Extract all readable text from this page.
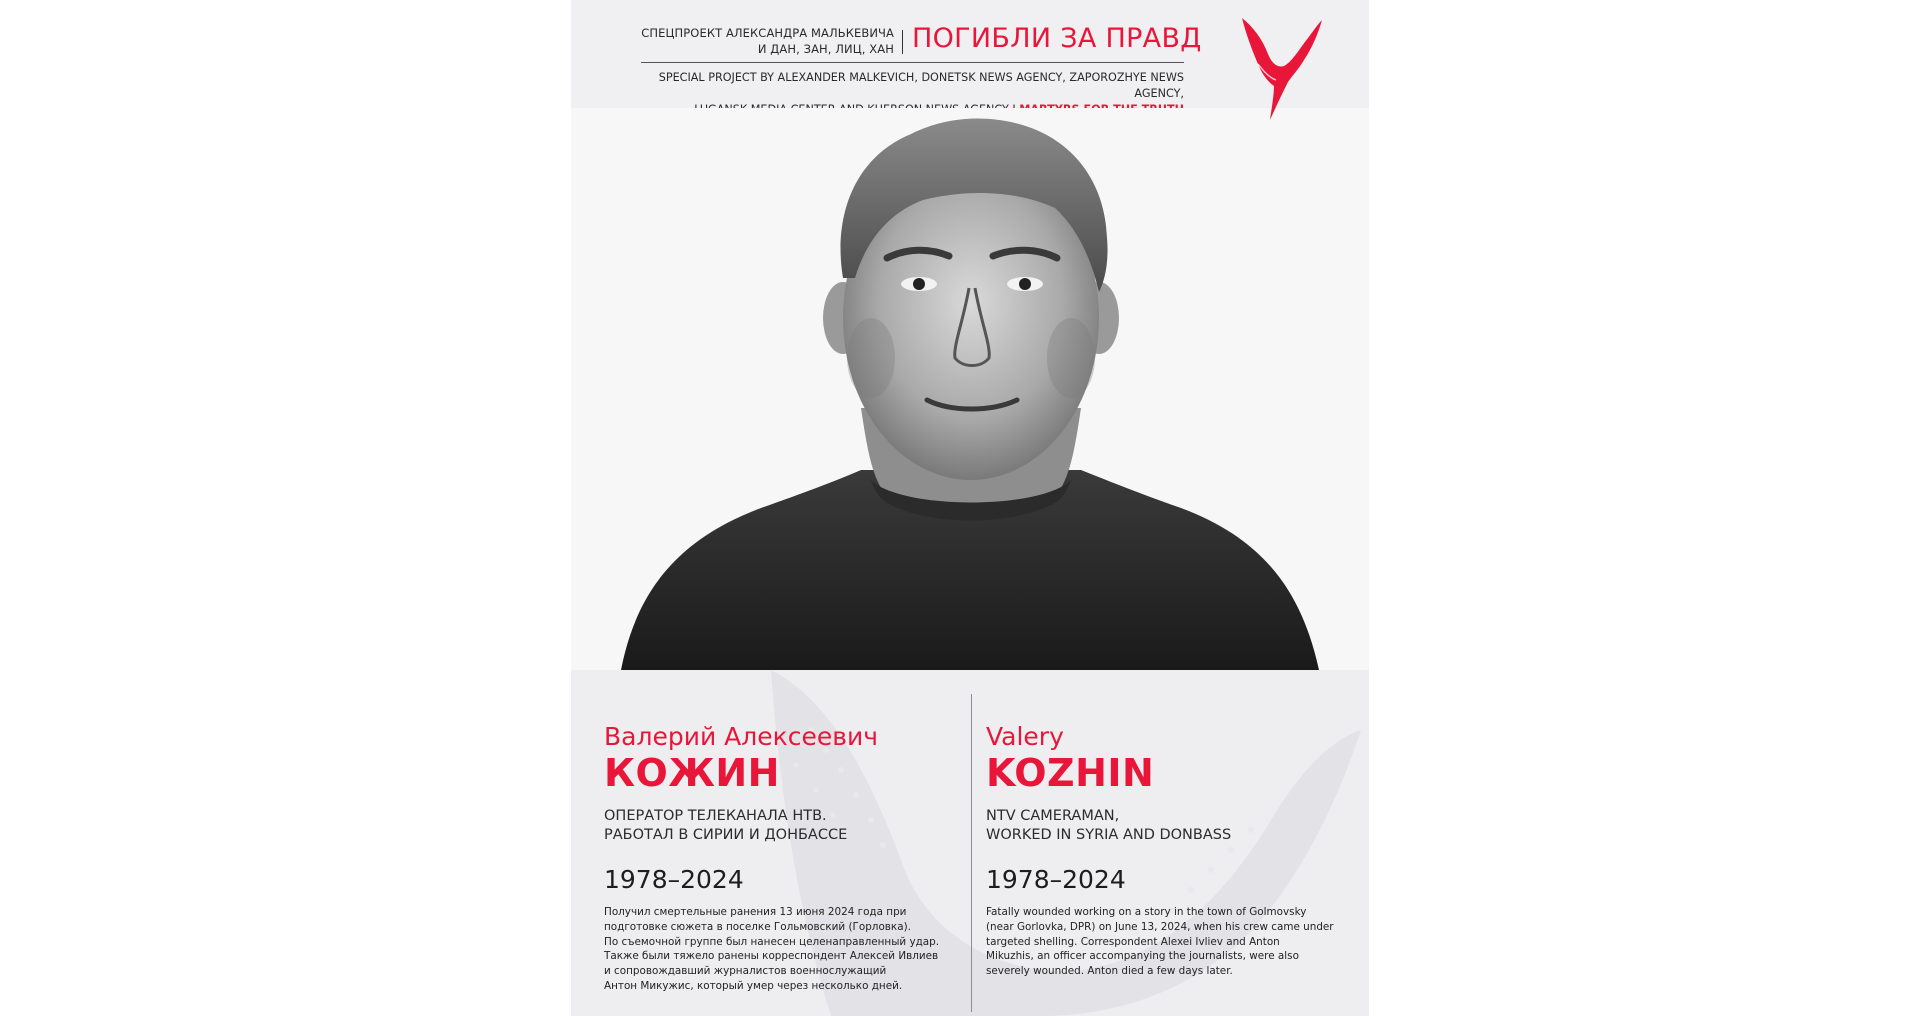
СПЕЦПРОЕКТ АЛЕКСАНДРА МАЛЬКЕВИЧА
И ДАН, ЗАН, ЛИЦ, ХАН ПОГИБЛИ ЗА ПРАВД
SPECIAL PROJECT BY ALEXANDER MALKEVICH, DONETSK NEWS AGENCY, ZAPOROZHYE NEWS AGENCY,
Валерий Алексеевич
КОЖИН
ОПЕРАТОР ТЕЛЕКАНАЛА НТВ.
РАБОТАЛ В СИРИИ И ДОНБАССЕ
1978–2024
Получил смертельные ранения 13 июня 2024 года при
подготовке сюжета в поселке Гольмовский (Горловка).
По съемочной группе был нанесен целенаправленный удар.
Также были тяжело ранены корреспондент Алексей Ивлиев
и сопровождавший журналистов военнослужащий
Антон Микужис, который умер через несколько дней.
Valery
KOZHIN
NTV CAMERAMAN,
WORKED IN SYRIA AND DONBASS
1978–2024
Fatally wounded working on a story in the town of Golmovsky
(near Gorlovka, DPR) on June 13, 2024, when his crew came under
targeted shelling. Correspondent Alexei Ivliev and Anton
Mikuzhis, an officer accompanying the journalists, were also
severely wounded. Anton died a few days later.
